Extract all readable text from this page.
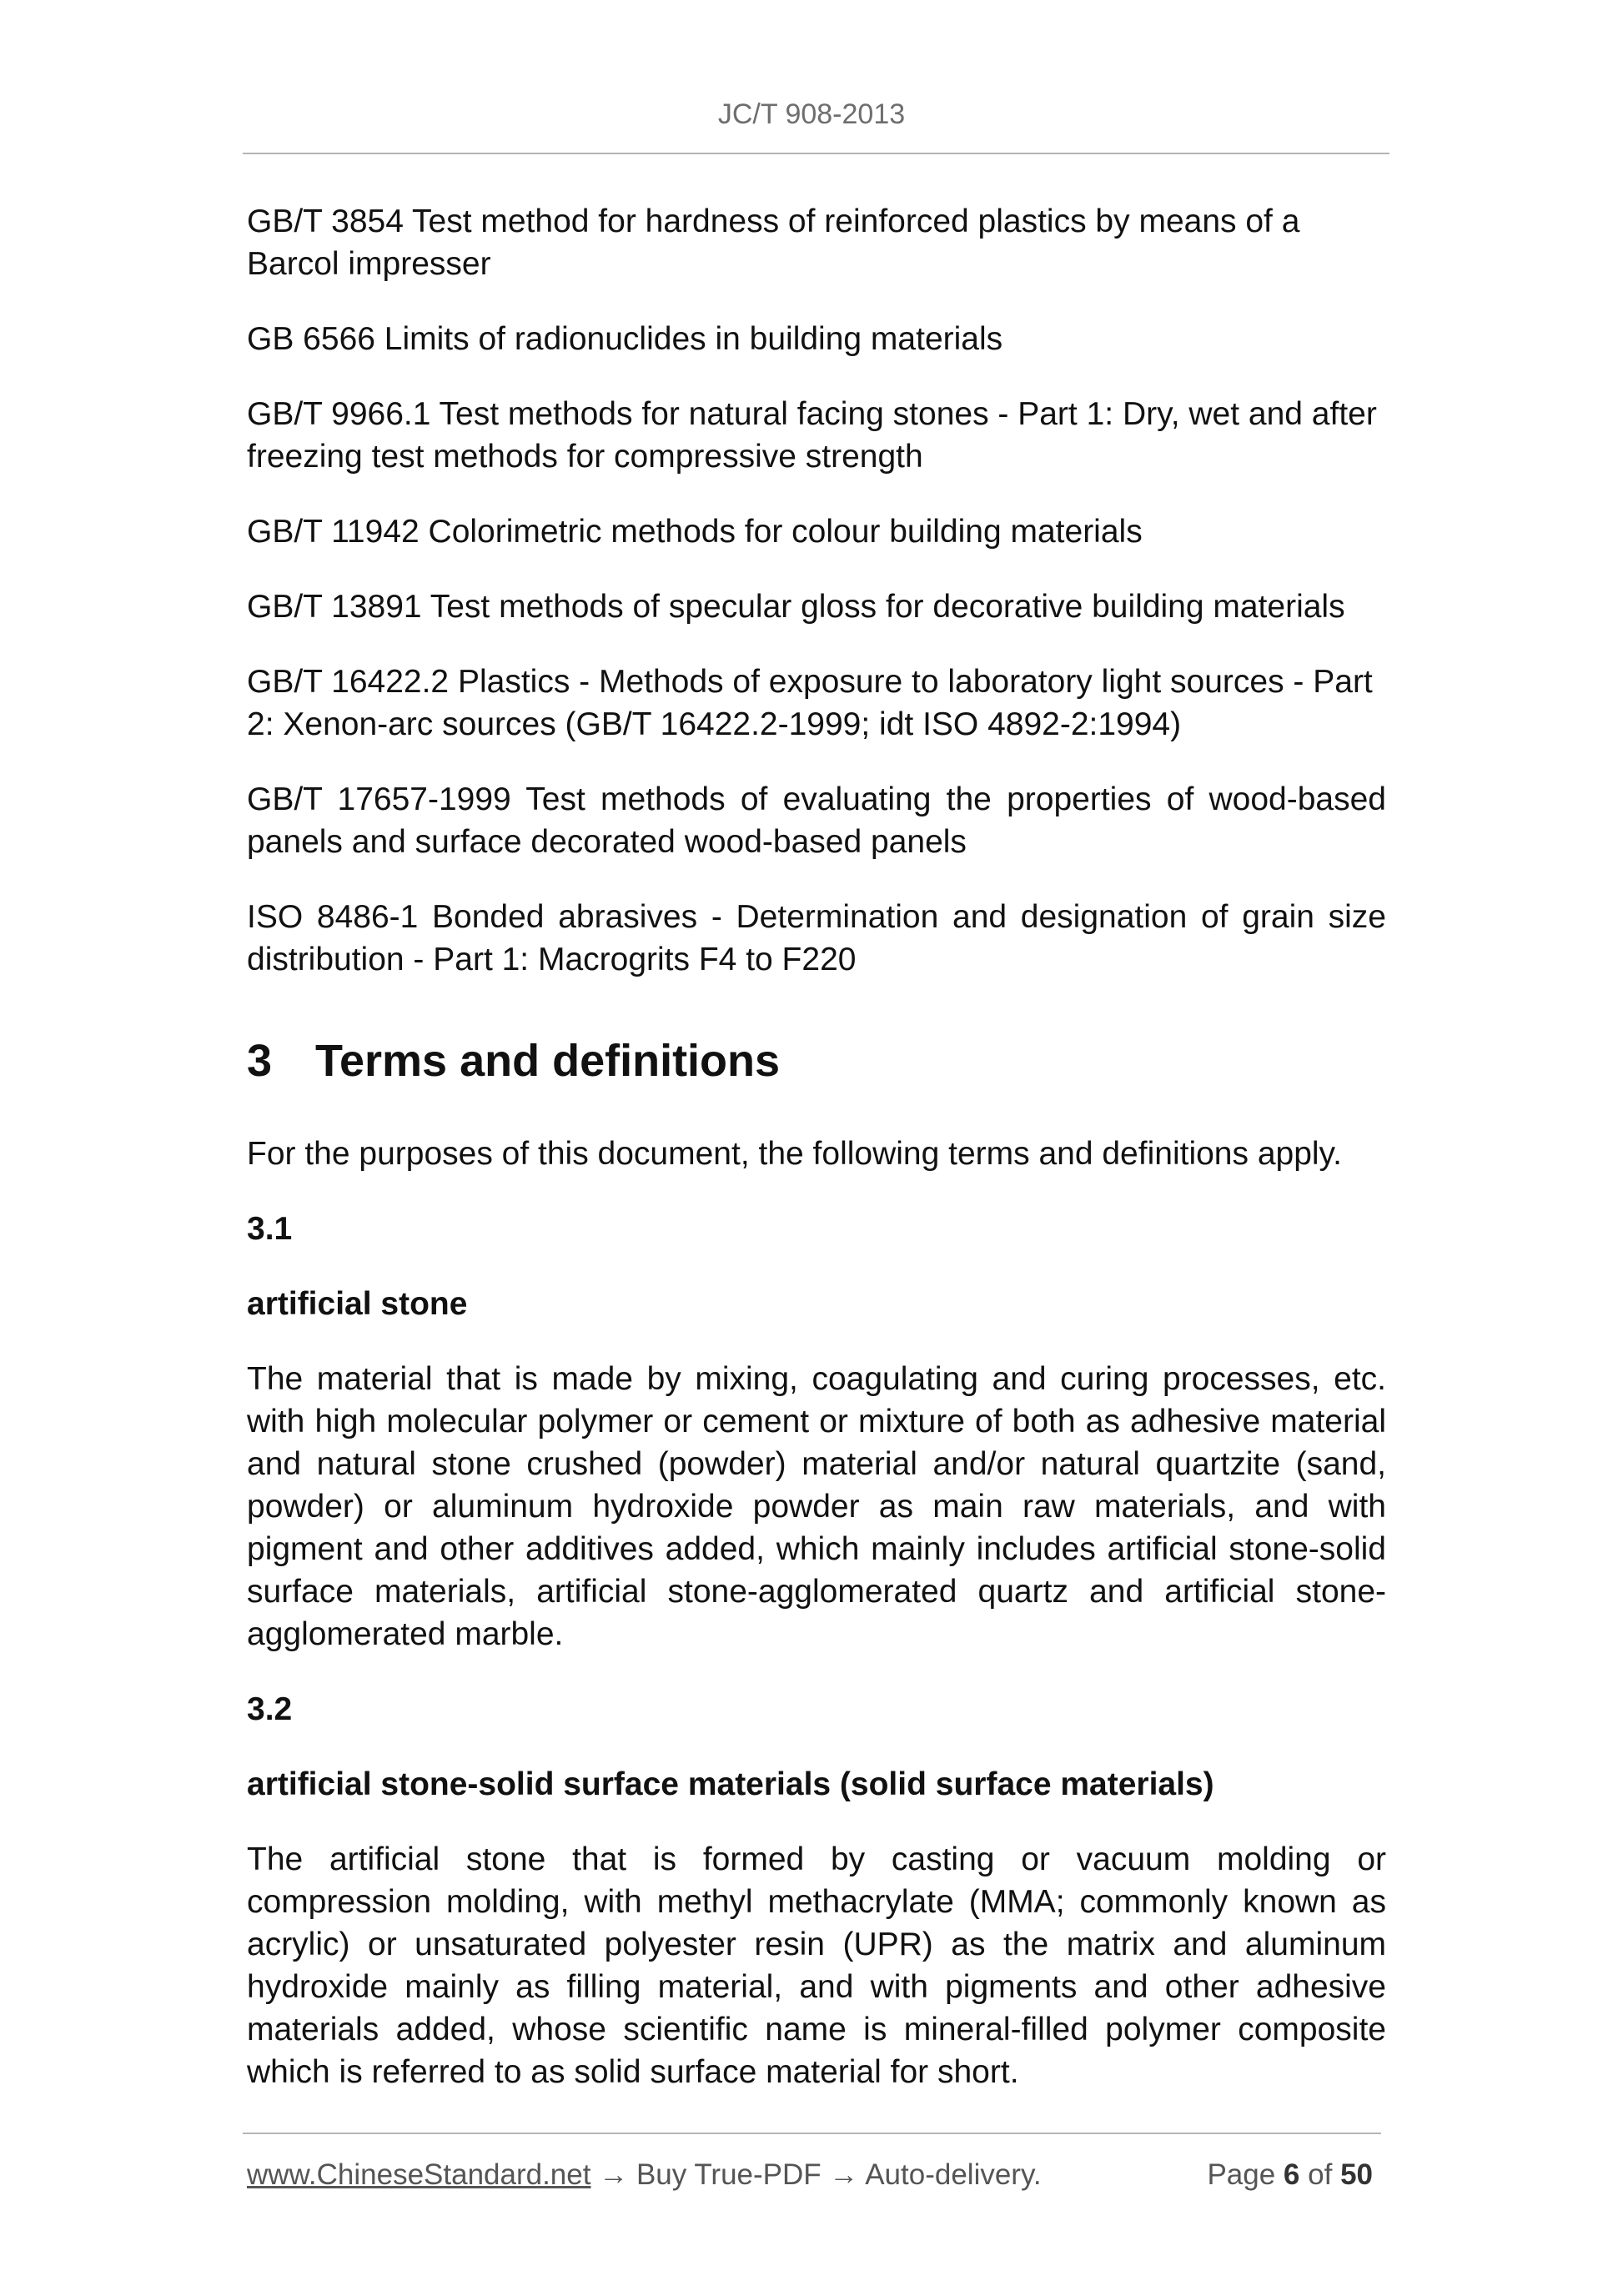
JC/T 908-2013

GB/T 3854 Test method for hardness of reinforced plastics by means of a Barcol impresser

GB 6566 Limits of radionuclides in building materials

GB/T 9966.1 Test methods for natural facing stones - Part 1: Dry, wet and after freezing test methods for compressive strength

GB/T 11942 Colorimetric methods for colour building materials

GB/T 13891 Test methods of specular gloss for decorative building materials

GB/T 16422.2 Plastics - Methods of exposure to laboratory light sources - Part 2: Xenon-arc sources (GB/T 16422.2-1999; idt ISO 4892-2:1994)

GB/T 17657-1999 Test methods of evaluating the properties of wood-based panels and surface decorated wood-based panels

ISO 8486-1 Bonded abrasives - Determination and designation of grain size distribution - Part 1: Macrogrits F4 to F220

3 Terms and definitions

For the purposes of this document, the following terms and definitions apply.

3.1

artificial stone

The material that is made by mixing, coagulating and curing processes, etc. with high molecular polymer or cement or mixture of both as adhesive material and natural stone crushed (powder) material and/or natural quartzite (sand, powder) or aluminum hydroxide powder as main raw materials, and with pigment and other additives added, which mainly includes artificial stone-solid surface materials, artificial stone-agglomerated quartz and artificial stone-agglomerated marble.

3.2

artificial stone-solid surface materials (solid surface materials)

The artificial stone that is formed by casting or vacuum molding or compression molding, with methyl methacrylate (MMA; commonly known as acrylic) or unsaturated polyester resin (UPR) as the matrix and aluminum hydroxide mainly as filling material, and with pigments and other adhesive materials added, whose scientific name is mineral-filled polymer composite which is referred to as solid surface material for short.

www.ChineseStandard.net → Buy True-PDF → Auto-delivery.	Page 6 of 50
